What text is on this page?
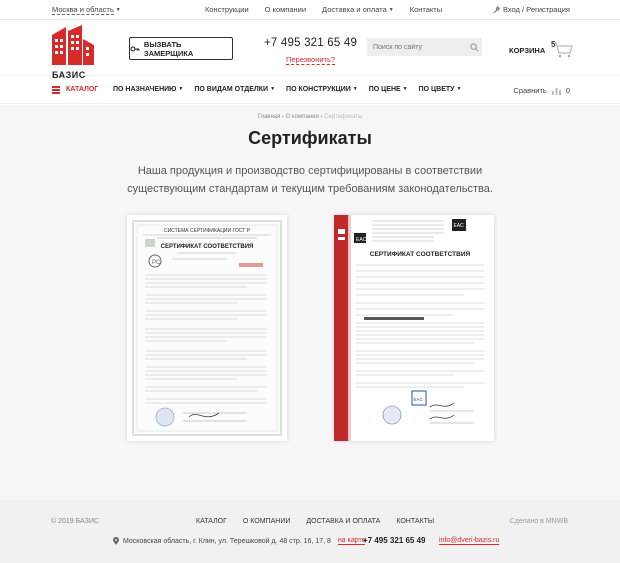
Москва и область ▼	Конструкции О компании Доставка и оплата ▼ Контакты	Вход / Регистрация
БАЗИС
ВЫЗВАТЬ ЗАМЕРЩИКА
+7 495 321 65 49
Перезвонить?
Поиск по сайту
КОРЗИНА
5
КАТАЛОГ ПО НАЗНАЧЕНИЮ ▼ ПО ВИДАМ ОТДЕЛКИ ▼ ПО КОНСТРУКЦИИ ▼ ПО ЦЕНЕ ▼ ПО ЦВЕТУ ▼	Сравнить	0
Главная › О компании › Сертификаты
Сертификаты

Наша продукция и производство сертифицированы в соответствии существующим стандартам и текущим требованиям законодательства.

СИСТЕМА СЕРТИФИКАЦИИ ГОСТ Р
СЕРТИФИКАТ СООТВЕТСТВИЯ
PC
EAC
EAC
СЕРТИФИКАТ СООТВЕТСТВИЯ
EAC
© 2019 БАЗИС	КАТАЛОГ О КОМПАНИИ ДОСТАВКА И ОПЛАТА КОНТАКТЫ	Сделано в MNWB
Московская область, г. Клин, ул. Терешковой д. 48 стр. 16, 17, 8 на карте
+7 495 321 65 49 info@dveri-bazis.ru
